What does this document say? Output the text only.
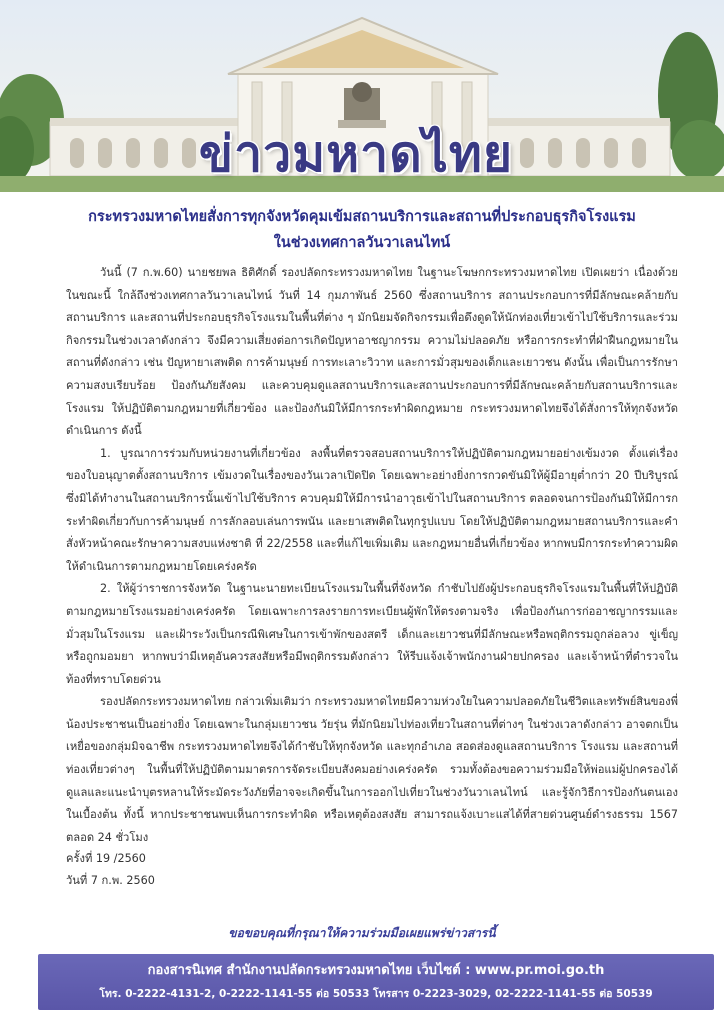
ข่าวมหาดไทย
กระทรวงมหาดไทยสั่งการทุกจังหวัดคุมเข้มสถานบริการและสถานที่ประกอบธุรกิจโรงแรม
ในช่วงเทศกาลวันวาเลนไทน์

วันนี้ (7 ก.พ.60) นายชยพล ธิติศักดิ์ รองปลัดกระทรวงมหาดไทย ในฐานะโฆษกกระทรวงมหาดไทย เปิดเผยว่า เนื่องด้วยในขณะนี้ ใกล้ถึงช่วงเทศกาลวันวาเลนไทน์ วันที่ 14 กุมภาพันธ์ 2560 ซึ่งสถานบริการ สถานประกอบการที่มีลักษณะคล้ายกับสถานบริการ และสถานที่ประกอบธุรกิจโรงแรมในพื้นที่ต่าง ๆ มักนิยมจัดกิจกรรมเพื่อดึงดูดให้นักท่องเที่ยวเข้าไปใช้บริการและร่วมกิจกรรมในช่วงเวลาดังกล่าว จึงมีความเสี่ยงต่อการเกิดปัญหาอาชญากรรม ความไม่ปลอดภัย หรือการกระทำที่ฝ่าฝืนกฎหมายในสถานที่ดังกล่าว เช่น ปัญหายาเสพติด การค้ามนุษย์ การทะเลาะวิวาท และการมั่วสุมของเด็กและเยาวชน ดังนั้น เพื่อเป็นการรักษาความสงบเรียบร้อย ป้องกันภัยสังคม และควบคุมดูแลสถานบริการและสถานประกอบการที่มีลักษณะคล้ายกับสถานบริการและโรงแรม ให้ปฏิบัติตามกฎหมายที่เกี่ยวข้อง และป้องกันมิให้มีการกระทำผิดกฎหมาย กระทรวงมหาดไทยจึงได้สั่งการให้ทุกจังหวัดดำเนินการ ดังนี้

1. บูรณาการร่วมกับหน่วยงานที่เกี่ยวข้อง ลงพื้นที่ตรวจสอบสถานบริการให้ปฏิบัติตามกฎหมายอย่างเข้มงวด ตั้งแต่เรื่องของใบอนุญาตตั้งสถานบริการ เข้มงวดในเรื่องของวันเวลาเปิดปิด โดยเฉพาะอย่างยิ่งการกวดขันมิให้ผู้มีอายุต่ำกว่า 20 ปีบริบูรณ์ ซึ่งมิได้ทำงานในสถานบริการนั้นเข้าไปใช้บริการ ควบคุมมิให้มีการนำอาวุธเข้าไปในสถานบริการ ตลอดจนการป้องกันมิให้มีการกระทำผิดเกี่ยวกับการค้ามนุษย์ การลักลอบเล่นการพนัน และยาเสพติดในทุกรูปแบบ โดยให้ปฏิบัติตามกฎหมายสถานบริการและคำสั่งหัวหน้าคณะรักษาความสงบแห่งชาติ ที่ 22/2558 และที่แก้ไขเพิ่มเติม และกฎหมายอื่นที่เกี่ยวข้อง หากพบมีการกระทำความผิดให้ดำเนินการตามกฎหมายโดยเคร่งครัด

2. ให้ผู้ว่าราชการจังหวัด ในฐานะนายทะเบียนโรงแรมในพื้นที่จังหวัด กำชับไปยังผู้ประกอบธุรกิจโรงแรมในพื้นที่ให้ปฏิบัติตามกฎหมายโรงแรมอย่างเคร่งครัด โดยเฉพาะการลงรายการทะเบียนผู้พักให้ตรงตามจริง เพื่อป้องกันการก่ออาชญากรรมและมั่วสุมในโรงแรม และเฝ้าระวังเป็นกรณีพิเศษในการเข้าพักของสตรี เด็กและเยาวชนที่มีลักษณะหรือพฤติกรรมถูกล่อลวง ขู่เข็ญ หรือถูกมอมยา หากพบว่ามีเหตุอันควรสงสัยหรือมีพฤติกรรมดังกล่าว ให้รีบแจ้งเจ้าพนักงานฝ่ายปกครอง และเจ้าหน้าที่ตำรวจในท้องที่ทราบโดยด่วน

รองปลัดกระทรวงมหาดไทย กล่าวเพิ่มเติมว่า กระทรวงมหาดไทยมีความห่วงใยในความปลอดภัยในชีวิตและทรัพย์สินของพี่น้องประชาชนเป็นอย่างยิ่ง โดยเฉพาะในกลุ่มเยาวชน วัยรุ่น ที่มักนิยมไปท่องเที่ยวในสถานที่ต่างๆ ในช่วงเวลาดังกล่าว อาจตกเป็นเหยื่อของกลุ่มมิจฉาชีพ กระทรวงมหาดไทยจึงได้กำชับให้ทุกจังหวัด และทุกอำเภอ สอดส่องดูแลสถานบริการ โรงแรม และสถานที่ท่องเที่ยวต่างๆ ในพื้นที่ให้ปฏิบัติตามมาตรการจัดระเบียบสังคมอย่างเคร่งครัด รวมทั้งต้องขอความร่วมมือให้พ่อแม่ผู้ปกครองได้ดูแลและแนะนำบุตรหลานให้ระมัดระวังภัยที่อาจจะเกิดขึ้นในการออกไปเที่ยวในช่วงวันวาเลนไทน์ และรู้จักวิธีการป้องกันตนเองในเบื้องต้น ทั้งนี้ หากประชาชนพบเห็นการกระทำผิด หรือเหตุต้องสงสัย สามารถแจ้งเบาะแสได้ที่สายด่วนศูนย์ดำรงธรรม 1567 ตลอด 24 ชั่วโมง

ครั้งที่ 19 /2560
วันที่ 7 ก.พ. 2560
ขอขอบคุณที่กรุณาให้ความร่วมมือเผยแพร่ข่าวสารนี้
กองสารนิเทศ สำนักงานปลัดกระทรวงมหาดไทย เว็บไซต์ : www.pr.moi.go.th
โทร. 0-2222-4131-2, 0-2222-1141-55 ต่อ 50533 โทรสาร 0-2223-3029, 02-2222-1141-55 ต่อ 50539
